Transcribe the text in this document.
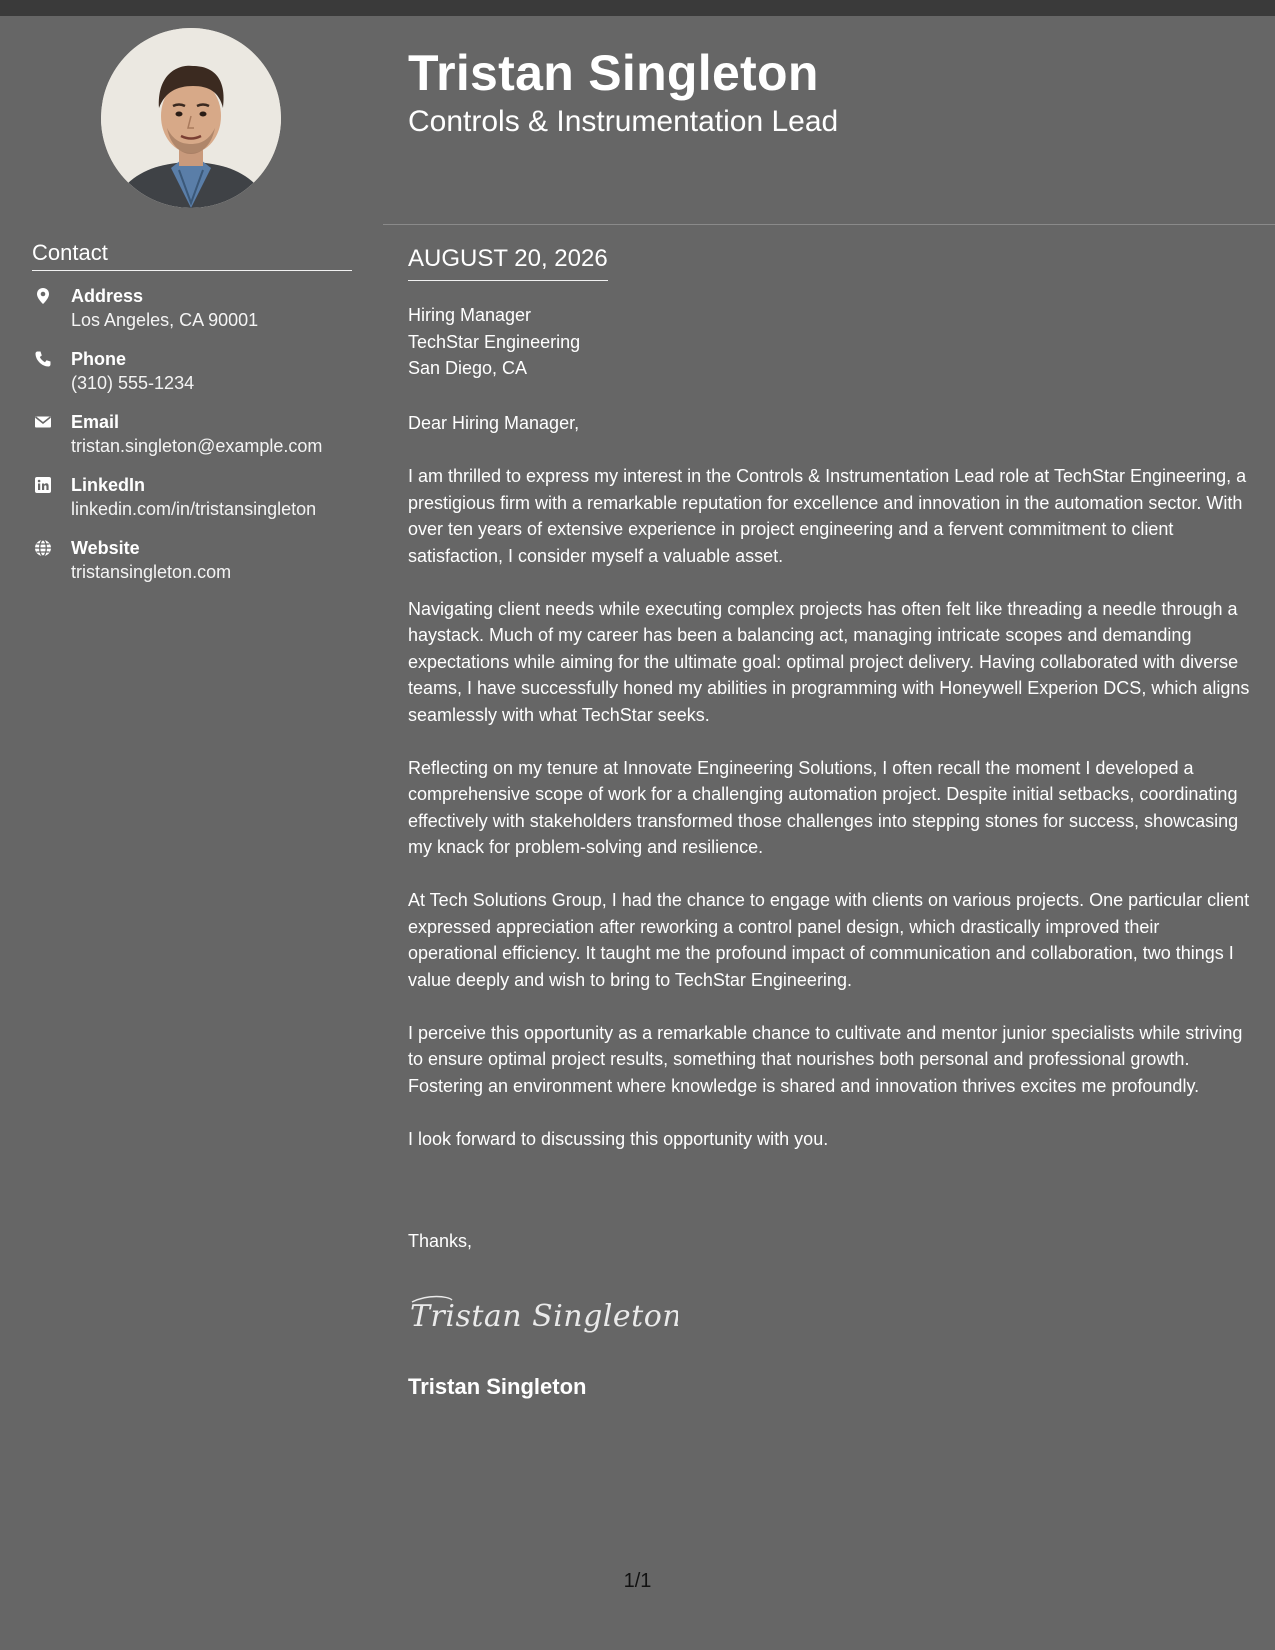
Contact
Address
Los Angeles, CA 90001
Phone
(310) 555-1234
Email
tristan.singleton@example.com
LinkedIn
linkedin.com/in/tristansingleton
Website
tristansingleton.com
Tristan Singleton
Controls & Instrumentation Lead
AUGUST 20, 2026
Hiring Manager
TechStar Engineering
San Diego, CA

Dear Hiring Manager,

I am thrilled to express my interest in the Controls & Instrumentation Lead role at TechStar Engineering, a prestigious firm with a remarkable reputation for excellence and innovation in the automation sector. With over ten years of extensive experience in project engineering and a fervent commitment to client satisfaction, I consider myself a valuable asset.

Navigating client needs while executing complex projects has often felt like threading a needle through a haystack. Much of my career has been a balancing act, managing intricate scopes and demanding expectations while aiming for the ultimate goal: optimal project delivery. Having collaborated with diverse teams, I have successfully honed my abilities in programming with Honeywell Experion DCS, which aligns seamlessly with what TechStar seeks.

Reflecting on my tenure at Innovate Engineering Solutions, I often recall the moment I developed a comprehensive scope of work for a challenging automation project. Despite initial setbacks, coordinating effectively with stakeholders transformed those challenges into stepping stones for success, showcasing my knack for problem-solving and resilience.

At Tech Solutions Group, I had the chance to engage with clients on various projects. One particular client expressed appreciation after reworking a control panel design, which drastically improved their operational efficiency. It taught me the profound impact of communication and collaboration, two things I value deeply and wish to bring to TechStar Engineering.

I perceive this opportunity as a remarkable chance to cultivate and mentor junior specialists while striving to ensure optimal project results, something that nourishes both personal and professional growth. Fostering an environment where knowledge is shared and innovation thrives excites me profoundly.

I look forward to discussing this opportunity with you.

Thanks,
Tristan Singleton
Tristan Singleton
1/1
